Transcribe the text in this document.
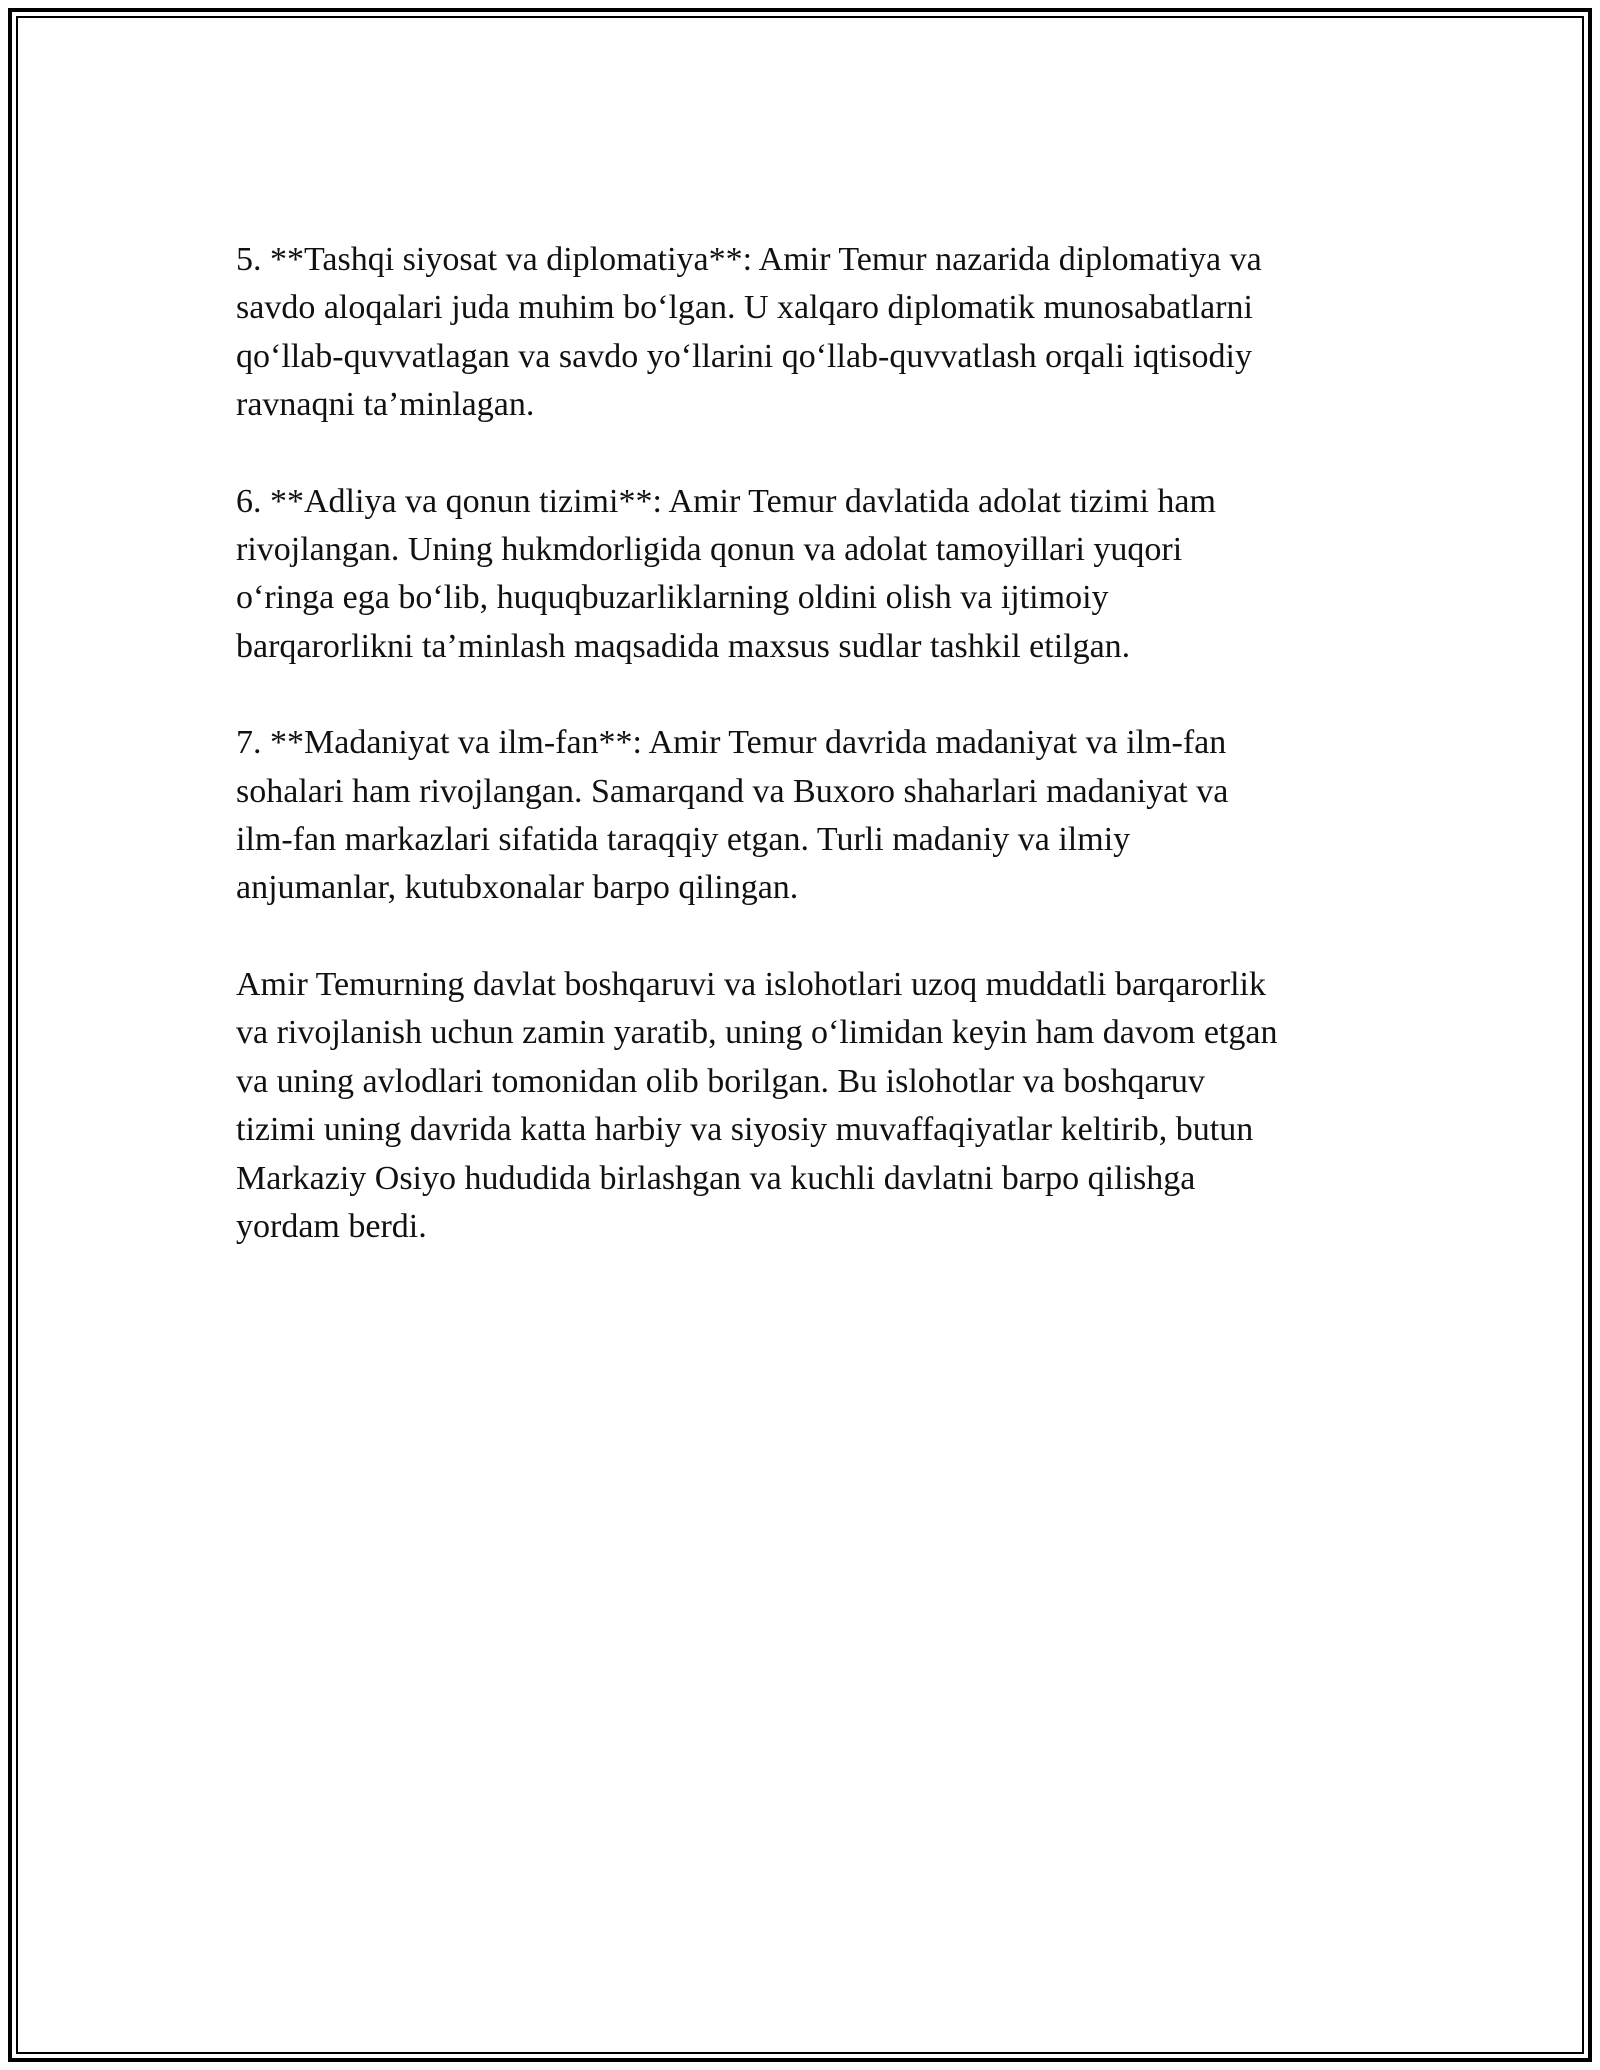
5. **Tashqi siyosat va diplomatiya**: Amir Temur nazarida diplomatiya va
savdo aloqalari juda muhim bo‘lgan. U xalqaro diplomatik munosabatlarni
qo‘llab-quvvatlagan va savdo yo‘llarini qo‘llab-quvvatlash orqali iqtisodiy
ravnaqni ta’minlagan.

6. **Adliya va qonun tizimi**: Amir Temur davlatida adolat tizimi ham
rivojlangan. Uning hukmdorligida qonun va adolat tamoyillari yuqori
o‘ringa ega bo‘lib, huquqbuzarliklarning oldini olish va ijtimoiy
barqarorlikni ta’minlash maqsadida maxsus sudlar tashkil etilgan.

7. **Madaniyat va ilm-fan**: Amir Temur davrida madaniyat va ilm-fan
sohalari ham rivojlangan. Samarqand va Buxoro shaharlari madaniyat va
ilm-fan markazlari sifatida taraqqiy etgan. Turli madaniy va ilmiy
anjumanlar, kutubxonalar barpo qilingan.

Amir Temurning davlat boshqaruvi va islohotlari uzoq muddatli barqarorlik
va rivojlanish uchun zamin yaratib, uning o‘limidan keyin ham davom etgan
va uning avlodlari tomonidan olib borilgan. Bu islohotlar va boshqaruv
tizimi uning davrida katta harbiy va siyosiy muvaffaqiyatlar keltirib, butun
Markaziy Osiyo hududida birlashgan va kuchli davlatni barpo qilishga
yordam berdi.
